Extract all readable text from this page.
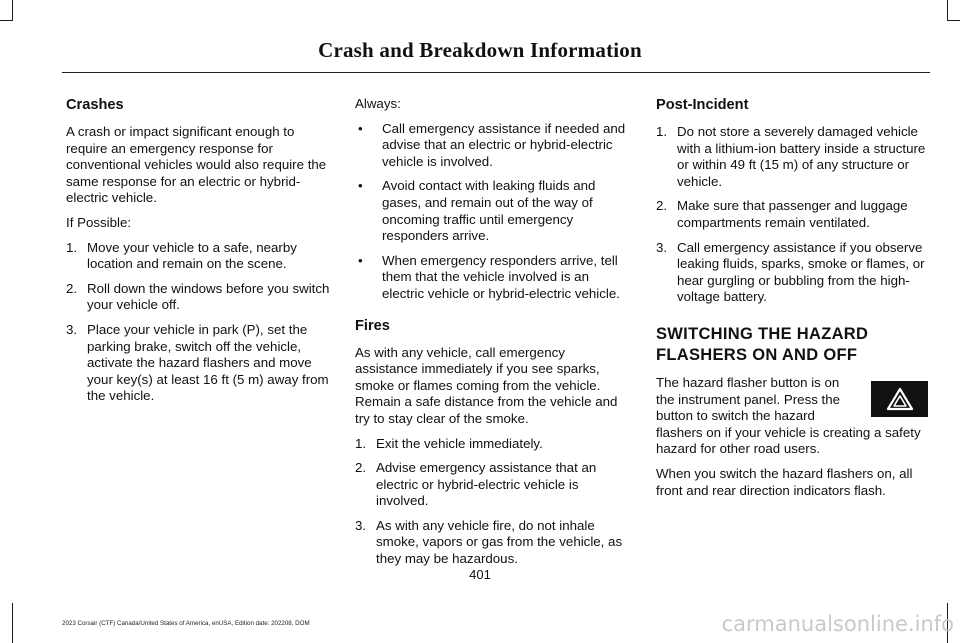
Crash and Breakdown Information
Crashes

A crash or impact significant enough to require an emergency response for conventional vehicles would also require the same response for an electric or hybrid-electric vehicle.

If Possible:

1. Move your vehicle to a safe, nearby location and remain on the scene.
2. Roll down the windows before you switch your vehicle off.
3. Place your vehicle in park (P), set the parking brake, switch off the vehicle, activate the hazard flashers and move your key(s) at least 16 ft (5 m) away from the vehicle.

Always:

• Call emergency assistance if needed and advise that an electric or hybrid-electric vehicle is involved.
• Avoid contact with leaking fluids and gases, and remain out of the way of oncoming traffic until emergency responders arrive.
• When emergency responders arrive, tell them that the vehicle involved is an electric vehicle or hybrid-electric vehicle.
Fires

As with any vehicle, call emergency assistance immediately if you see sparks, smoke or flames coming from the vehicle. Remain a safe distance from the vehicle and try to stay clear of the smoke.

1. Exit the vehicle immediately.
2. Advise emergency assistance that an electric or hybrid-electric vehicle is involved.
3. As with any vehicle fire, do not inhale smoke, vapors or gas from the vehicle, as they may be hazardous.
Post-Incident
1. Do not store a severely damaged vehicle with a lithium-ion battery inside a structure or within 49 ft (15 m) of any structure or vehicle.
2. Make sure that passenger and luggage compartments remain ventilated.
3. Call emergency assistance if you observe leaking fluids, sparks, smoke or flames, or hear gurgling or bubbling from the high-voltage battery.
SWITCHING THE HAZARD
FLASHERS ON AND OFF

The hazard flasher button is on the instrument panel. Press the button to switch the hazard flashers on if your vehicle is creating a safety hazard for other road users.

When you switch the hazard flashers on, all front and rear direction indicators flash.

401
2023 Corsair (CTF) Canada/United States of America, enUSA, Edition date: 202208, DOM	carmanualsonline.info
